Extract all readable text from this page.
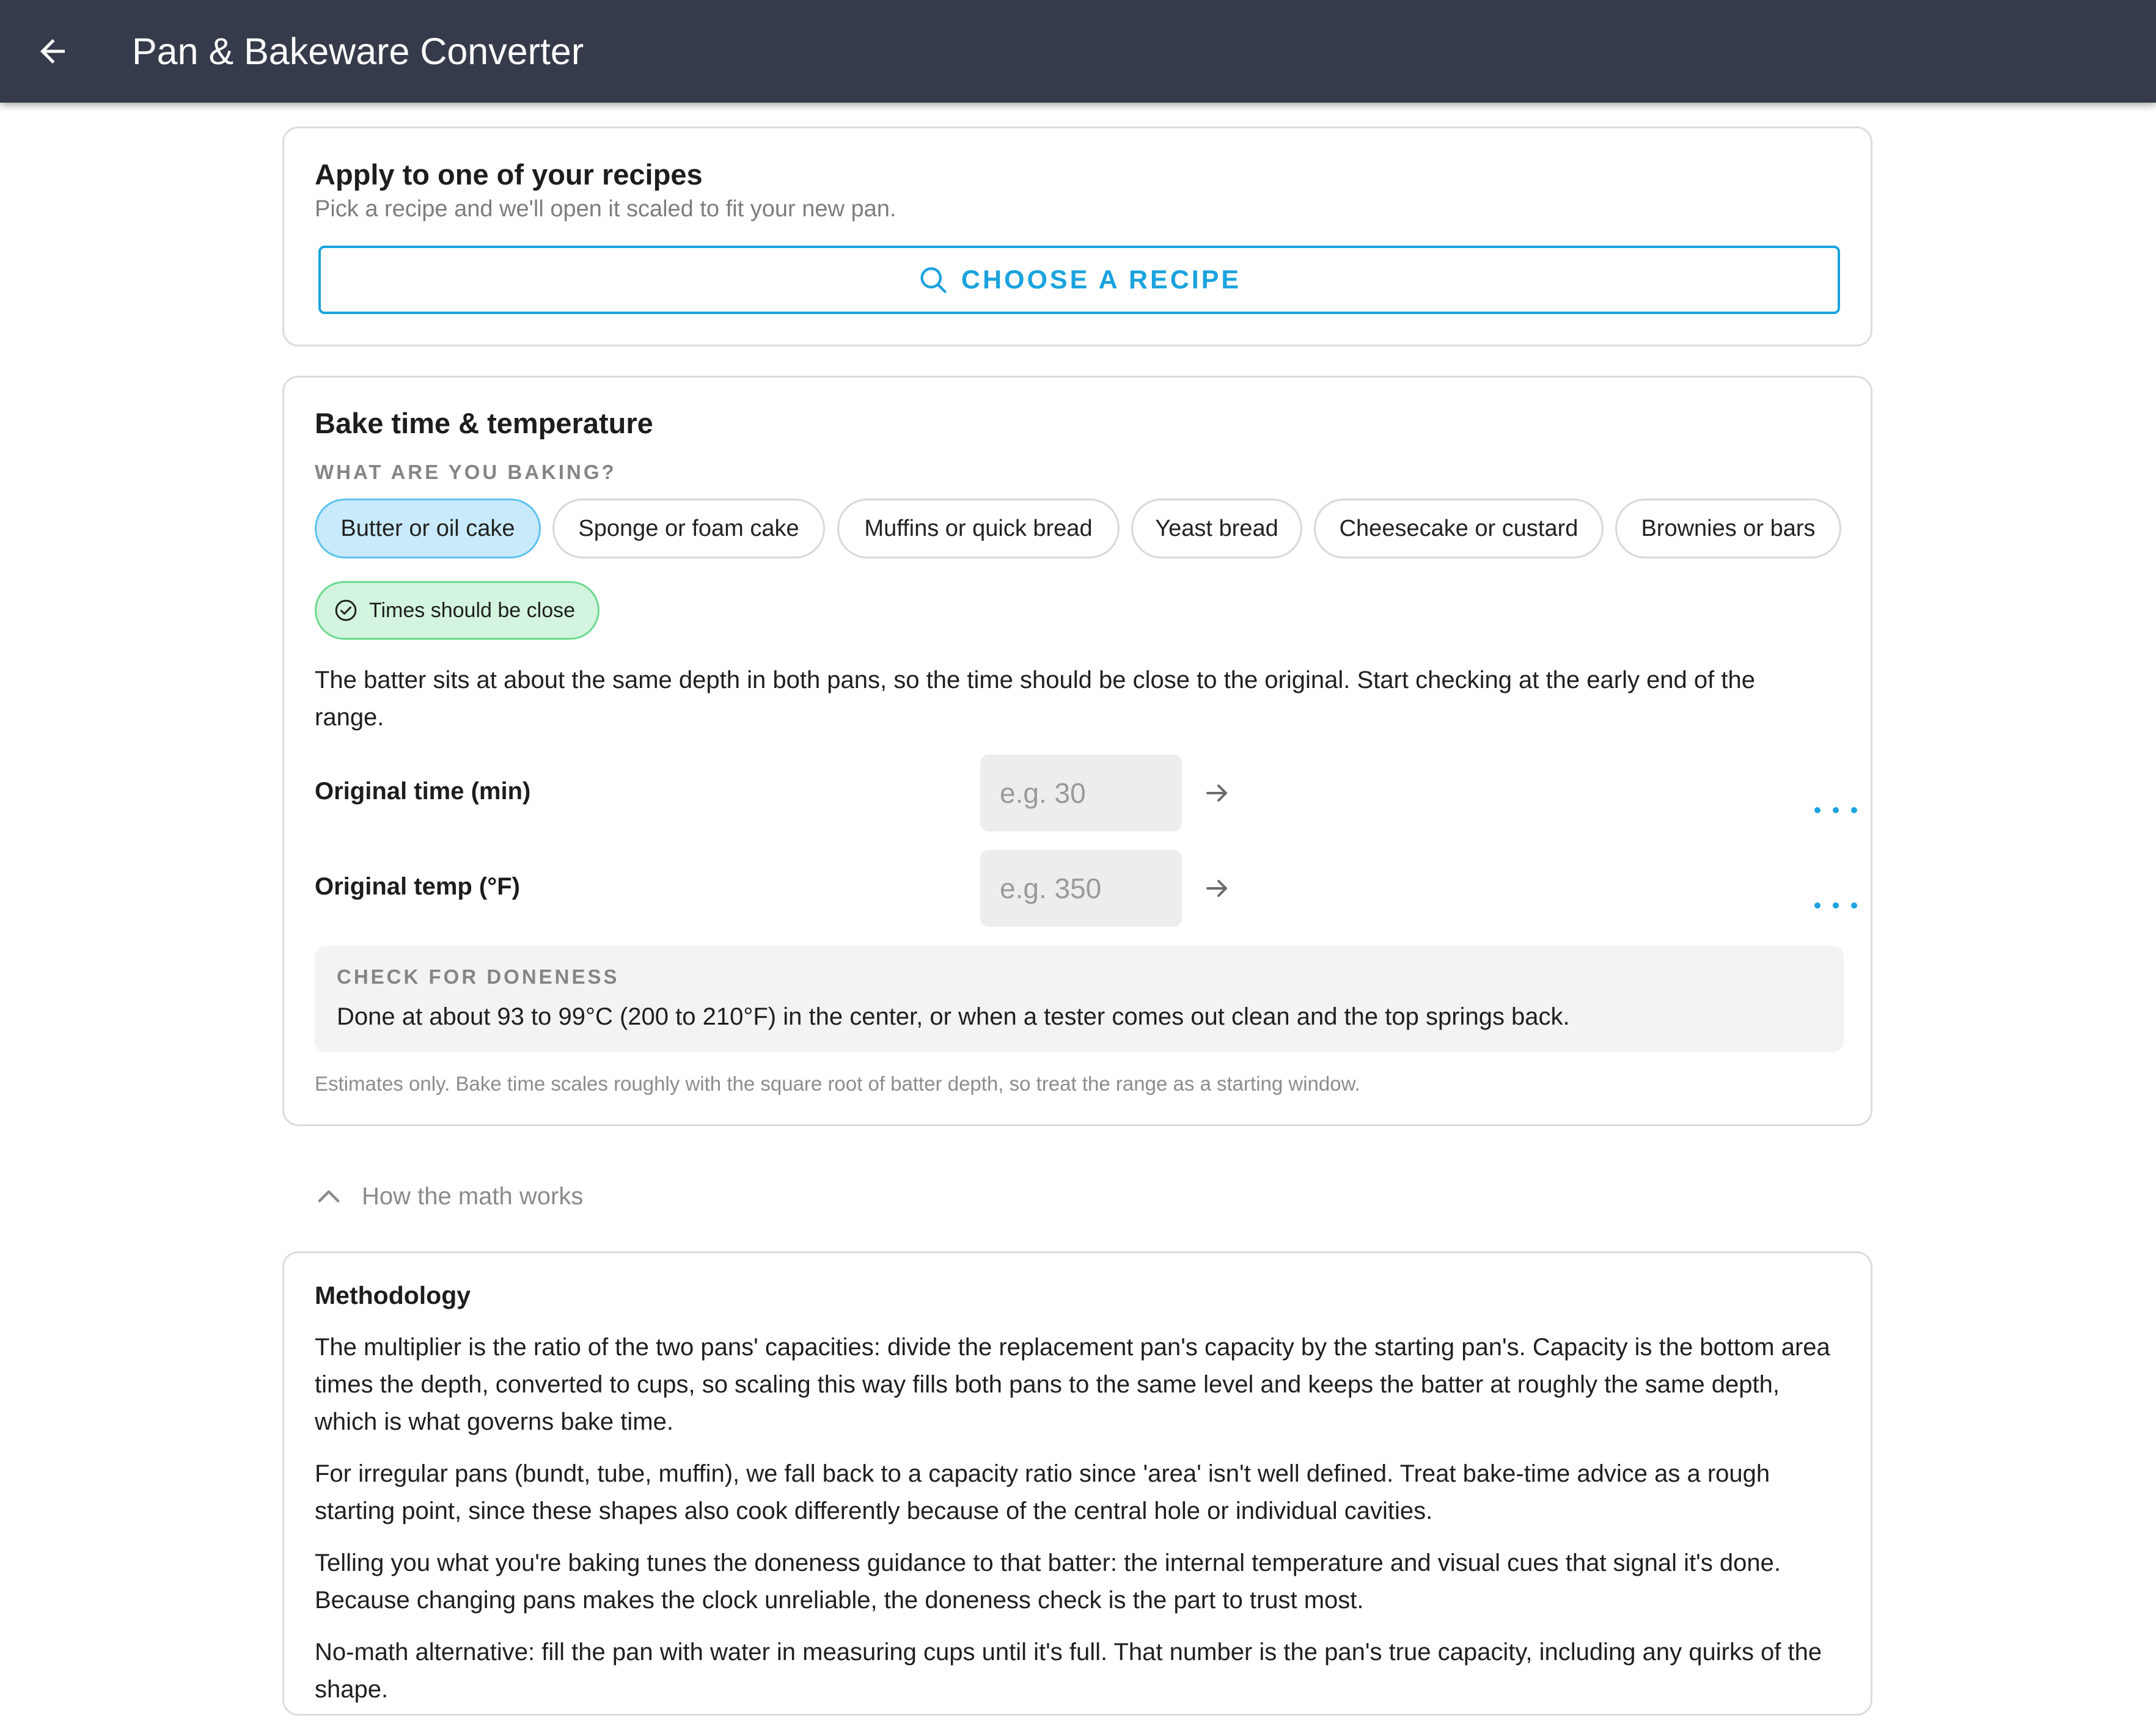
Pan & Bakeware Converter
Apply to one of your recipes
Pick a recipe and we'll open it scaled to fit your new pan.
CHOOSE A RECIPE
Bake time & temperature
WHAT ARE YOU BAKING?
Butter or oil cake	Sponge or foam cake	Muffins or quick bread	Yeast bread	Cheesecake or custard	Brownies or bars
Times should be close
The batter sits at about the same depth in both pans, so the time should be close to the original. Start checking at the early end of the range.
Original time (min)
e.g. 30
Original temp (°F)
e.g. 350
CHECK FOR DONENESS
Done at about 93 to 99°C (200 to 210°F) in the center, or when a tester comes out clean and the top springs back.
Estimates only. Bake time scales roughly with the square root of batter depth, so treat the range as a starting window.
How the math works
Methodology

The multiplier is the ratio of the two pans' capacities: divide the replacement pan's capacity by the starting pan's. Capacity is the bottom area times the depth, converted to cups, so scaling this way fills both pans to the same level and keeps the batter at roughly the same depth, which is what governs bake time.

For irregular pans (bundt, tube, muffin), we fall back to a capacity ratio since 'area' isn't well defined. Treat bake-time advice as a rough starting point, since these shapes also cook differently because of the central hole or individual cavities.

Telling you what you're baking tunes the doneness guidance to that batter: the internal temperature and visual cues that signal it's done. Because changing pans makes the clock unreliable, the doneness check is the part to trust most.

No-math alternative: fill the pan with water in measuring cups until it's full. That number is the pan's true capacity, including any quirks of the shape.
